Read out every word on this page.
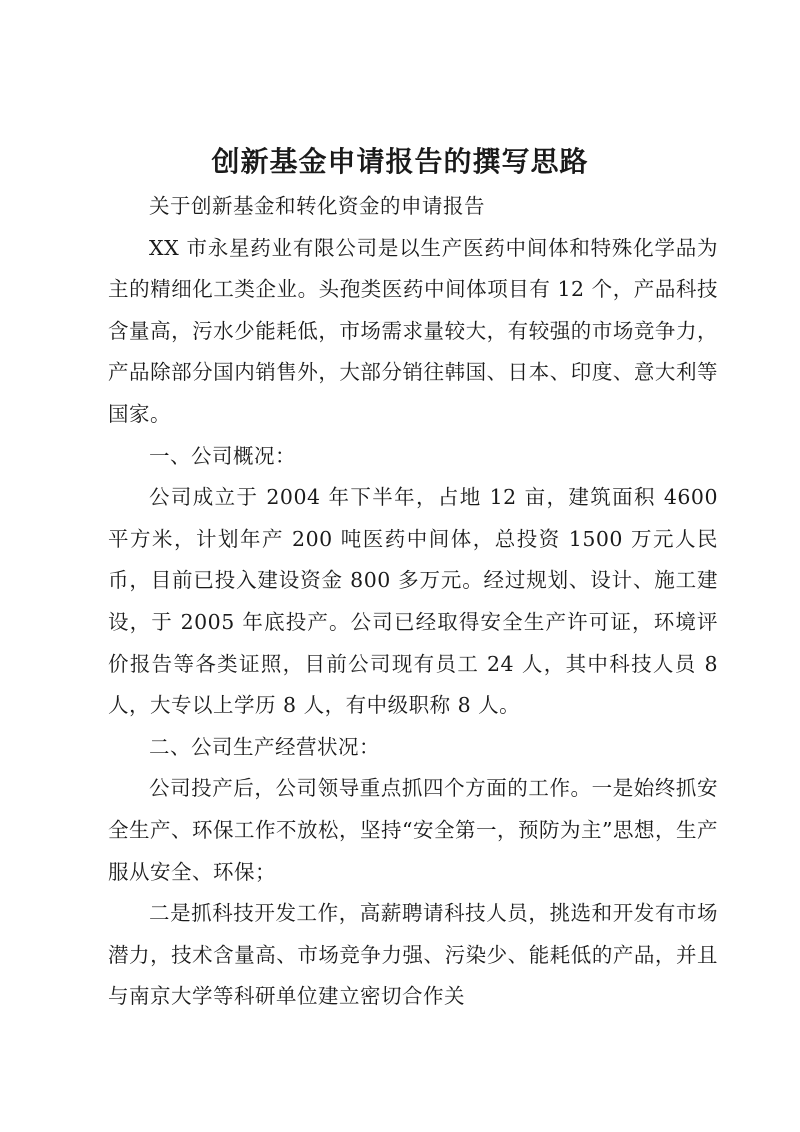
创新基金申请报告的撰写思路

关于创新基金和转化资金的申请报告

XX 市永星药业有限公司是以生产医药中间体和特殊化学品为主的精细化工类企业。头孢类医药中间体项目有 12 个，产品科技含量高，污水少能耗低，市场需求量较大，有较强的市场竞争力，产品除部分国内销售外，大部分销往韩国、日本、印度、意大利等国家。

一、公司概况：

公司成立于 2004 年下半年，占地 12 亩，建筑面积 4600 平方米，计划年产 200 吨医药中间体，总投资 1500 万元人民币，目前已投入建设资金 800 多万元。经过规划、设计、施工建设，于 2005 年底投产。公司已经取得安全生产许可证，环境评价报告等各类证照，目前公司现有员工 24 人，其中科技人员 8 人，大专以上学历 8 人，有中级职称 8 人。

二、公司生产经营状况：

公司投产后，公司领导重点抓四个方面的工作。一是始终抓安全生产、环保工作不放松，坚持“安全第一，预防为主”思想，生产服从安全、环保；

二是抓科技开发工作，高薪聘请科技人员，挑选和开发有市场潜力，技术含量高、市场竞争力强、污染少、能耗低的产品，并且与南京大学等科研单位建立密切合作关
